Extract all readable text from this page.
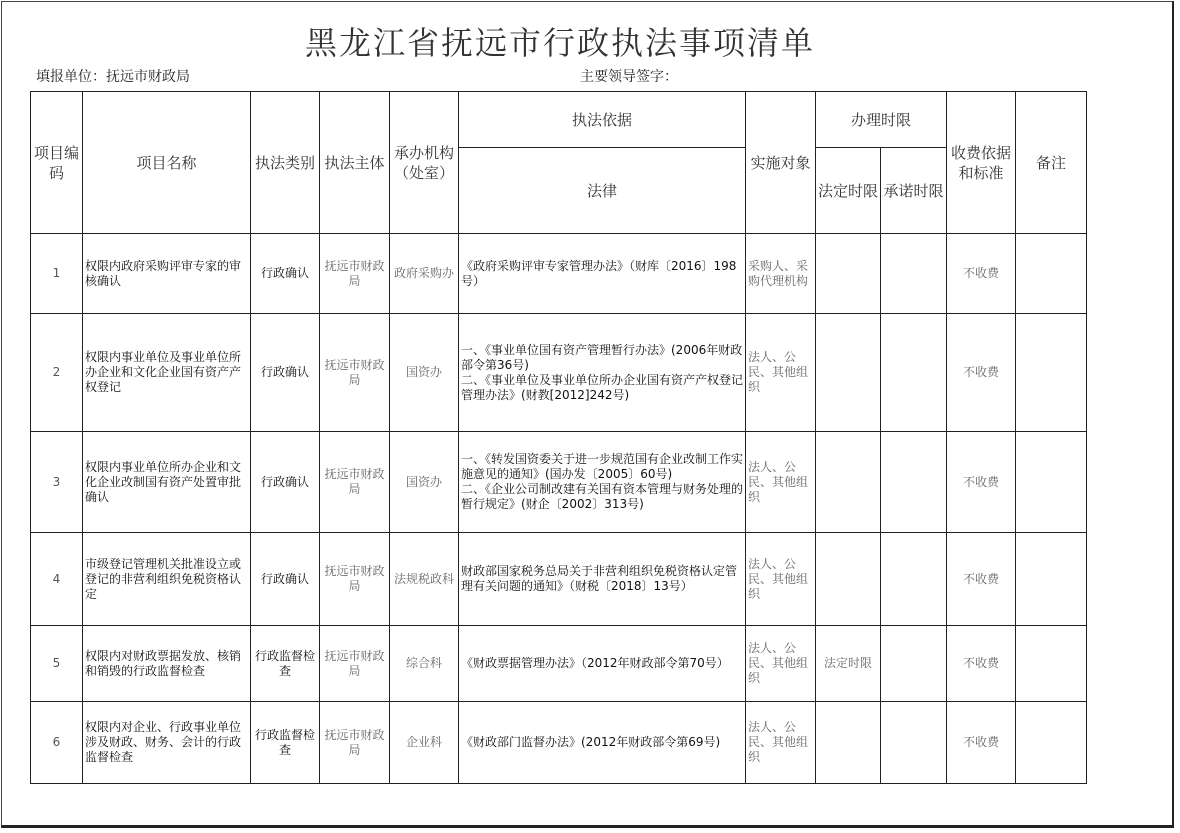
黑龙江省抚远市行政执法事项清单
填报单位：抚远市财政局	主要领导签字：
项目编码	项目名称	执法类别	执法主体	承办机构（处室）	执法依据	实施对象	办理时限		收费依据和标准	备注
					法律		法定时限	承诺时限		
1	权限内政府采购评审专家的审核确认	行政确认	抚远市财政局	政府采购办	《政府采购评审专家管理办法》（财库〔2016〕198号）	采购人、采购代理机构			不收费	
2	权限内事业单位及事业单位所办企业和文化企业国有资产产权登记	行政确认	抚远市财政局	国资办	一、《事业单位国有资产管理暂行办法》(2006年财政部令第36号)
二、《事业单位及事业单位所办企业国有资产产权登记管理办法》(财教[2012]242号)	法人、公民、其他组织			不收费	
3	权限内事业单位所办企业和文化企业改制国有资产处置审批确认	行政确认	抚远市财政局	国资办	一、《转发国资委关于进一步规范国有企业改制工作实施意见的通知》(国办发〔2005〕60号)
二、《企业公司制改建有关国有资本管理与财务处理的暂行规定》(财企〔2002〕313号)	法人、公民、其他组织			不收费	
4	市级登记管理机关批准设立或登记的非营利组织免税资格认定	行政确认	抚远市财政局	法规税政科	财政部国家税务总局关于非营利组织免税资格认定管理有关问题的通知》（财税〔2018〕13号）	法人、公民、其他组织			不收费	
5	权限内对财政票据发放、核销和销毁的行政监督检查	行政监督检查	抚远市财政局	综合科	《财政票据管理办法》（2012年财政部令第70号）	法人、公民、其他组织	法定时限		不收费	
6	权限内对企业、行政事业单位涉及财政、财务、会计的行政监督检查	行政监督检查	抚远市财政局	企业科	《财政部门监督办法》(2012年财政部令第69号)	法人、公民、其他组织			不收费	
